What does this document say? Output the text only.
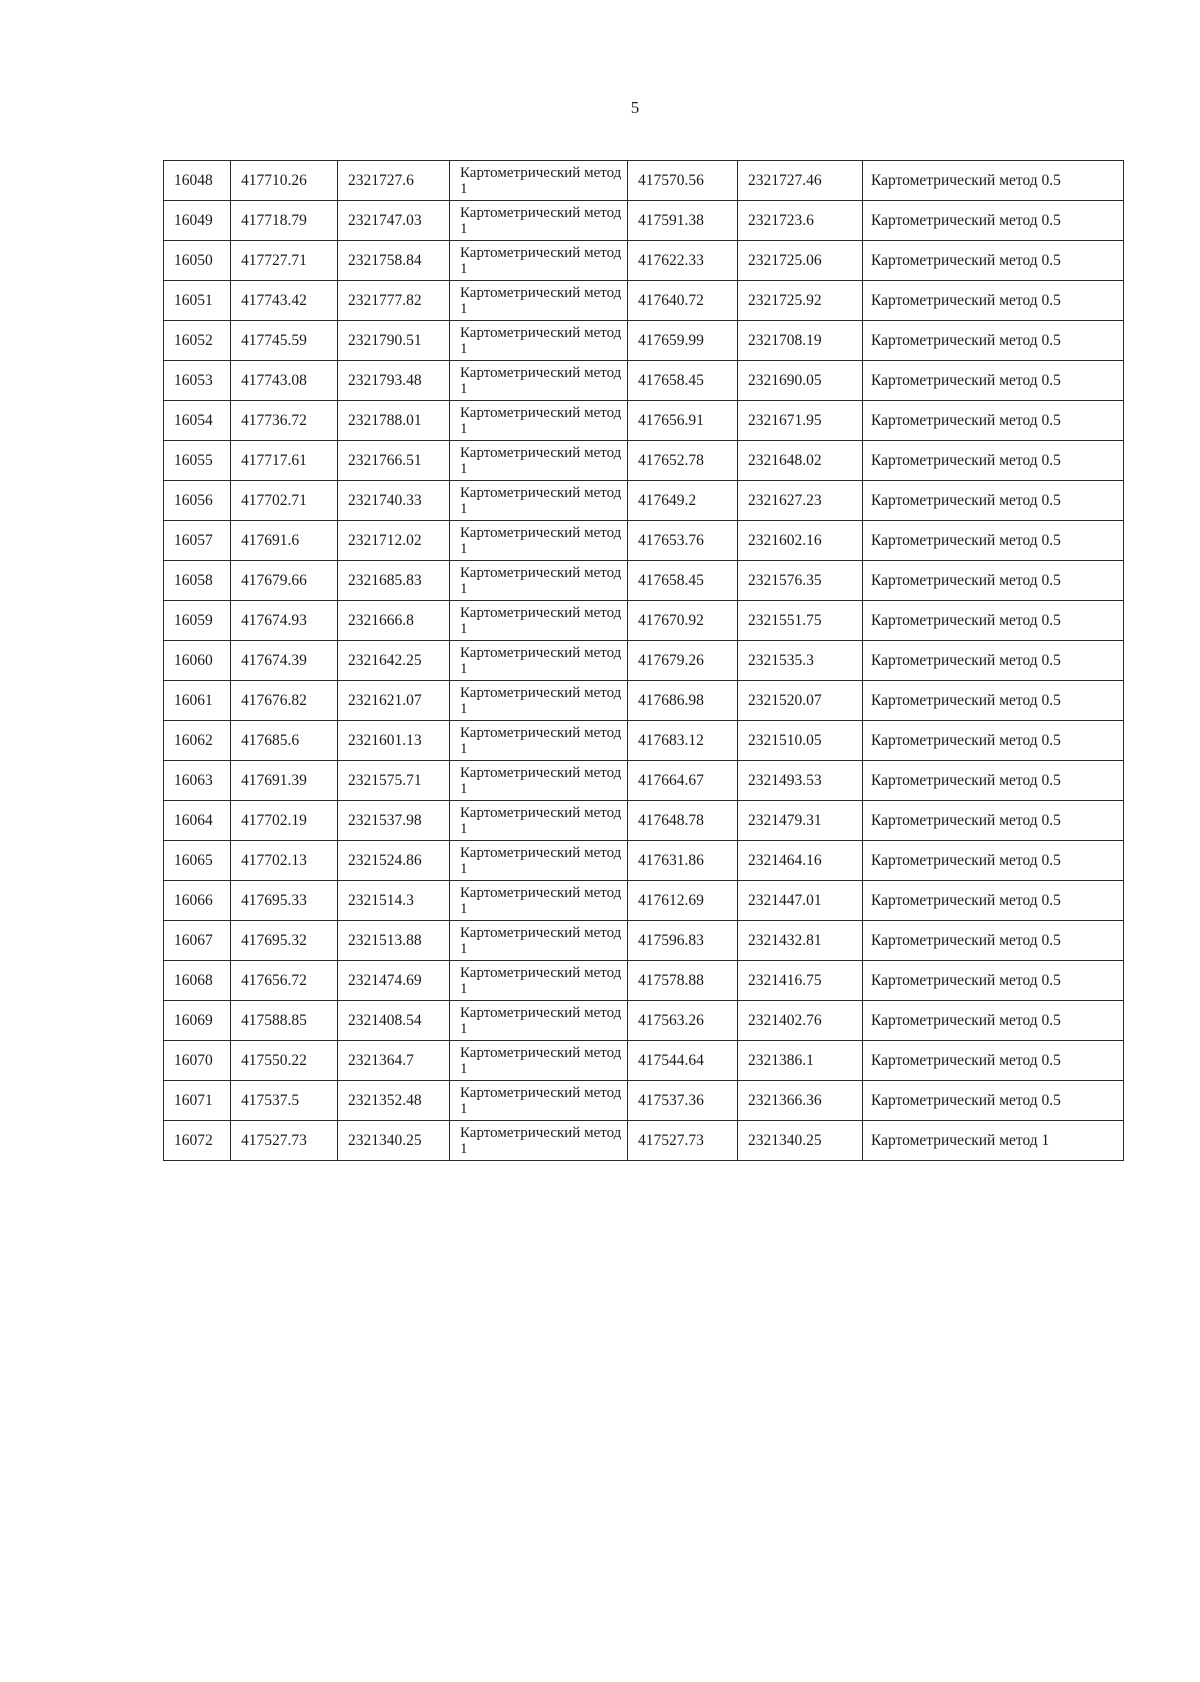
5
16048	417710.26	2321727.6	Картометрический метод 1	417570.56	2321727.46	Картометрический метод 0.5
16049	417718.79	2321747.03	Картометрический метод 1	417591.38	2321723.6	Картометрический метод 0.5
16050	417727.71	2321758.84	Картометрический метод 1	417622.33	2321725.06	Картометрический метод 0.5
16051	417743.42	2321777.82	Картометрический метод 1	417640.72	2321725.92	Картометрический метод 0.5
16052	417745.59	2321790.51	Картометрический метод 1	417659.99	2321708.19	Картометрический метод 0.5
16053	417743.08	2321793.48	Картометрический метод 1	417658.45	2321690.05	Картометрический метод 0.5
16054	417736.72	2321788.01	Картометрический метод 1	417656.91	2321671.95	Картометрический метод 0.5
16055	417717.61	2321766.51	Картометрический метод 1	417652.78	2321648.02	Картометрический метод 0.5
16056	417702.71	2321740.33	Картометрический метод 1	417649.2	2321627.23	Картометрический метод 0.5
16057	417691.6	2321712.02	Картометрический метод 1	417653.76	2321602.16	Картометрический метод 0.5
16058	417679.66	2321685.83	Картометрический метод 1	417658.45	2321576.35	Картометрический метод 0.5
16059	417674.93	2321666.8	Картометрический метод 1	417670.92	2321551.75	Картометрический метод 0.5
16060	417674.39	2321642.25	Картометрический метод 1	417679.26	2321535.3	Картометрический метод 0.5
16061	417676.82	2321621.07	Картометрический метод 1	417686.98	2321520.07	Картометрический метод 0.5
16062	417685.6	2321601.13	Картометрический метод 1	417683.12	2321510.05	Картометрический метод 0.5
16063	417691.39	2321575.71	Картометрический метод 1	417664.67	2321493.53	Картометрический метод 0.5
16064	417702.19	2321537.98	Картометрический метод 1	417648.78	2321479.31	Картометрический метод 0.5
16065	417702.13	2321524.86	Картометрический метод 1	417631.86	2321464.16	Картометрический метод 0.5
16066	417695.33	2321514.3	Картометрический метод 1	417612.69	2321447.01	Картометрический метод 0.5
16067	417695.32	2321513.88	Картометрический метод 1	417596.83	2321432.81	Картометрический метод 0.5
16068	417656.72	2321474.69	Картометрический метод 1	417578.88	2321416.75	Картометрический метод 0.5
16069	417588.85	2321408.54	Картометрический метод 1	417563.26	2321402.76	Картометрический метод 0.5
16070	417550.22	2321364.7	Картометрический метод 1	417544.64	2321386.1	Картометрический метод 0.5
16071	417537.5	2321352.48	Картометрический метод 1	417537.36	2321366.36	Картометрический метод 0.5
16072	417527.73	2321340.25	Картометрический метод 1	417527.73	2321340.25	Картометрический метод 1
